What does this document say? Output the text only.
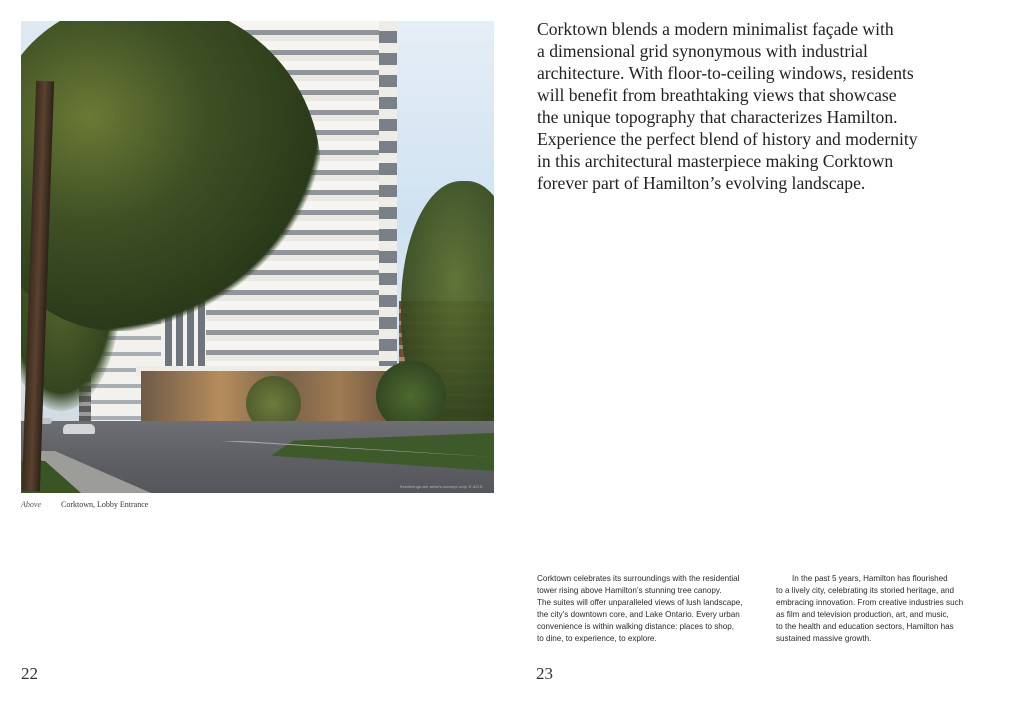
Renderings are artist's concept only. E.&O.E.
Above	Corktown, Lobby Entrance
22
Corktown blends a modern minimalist façade with
a dimensional grid synonymous with industrial
architecture. With floor-to-ceiling windows, residents
will benefit from breathtaking views that showcase
the unique topography that characterizes Hamilton.
Experience the perfect blend of history and modernity
in this architectural masterpiece making Corktown
forever part of Hamilton’s evolving landscape.
Corktown celebrates its surroundings with the residential
tower rising above Hamilton’s stunning tree canopy.
The suites will offer unparalleled views of lush landscape,
the city’s downtown core, and Lake Ontario. Every urban
convenience is within walking distance: places to shop,
to dine, to experience, to explore.
In the past 5 years, Hamilton has flourished
to a lively city, celebrating its storied heritage, and
embracing innovation. From creative industries such
as film and television production, art, and music,
to the health and education sectors, Hamilton has
sustained massive growth.
23
